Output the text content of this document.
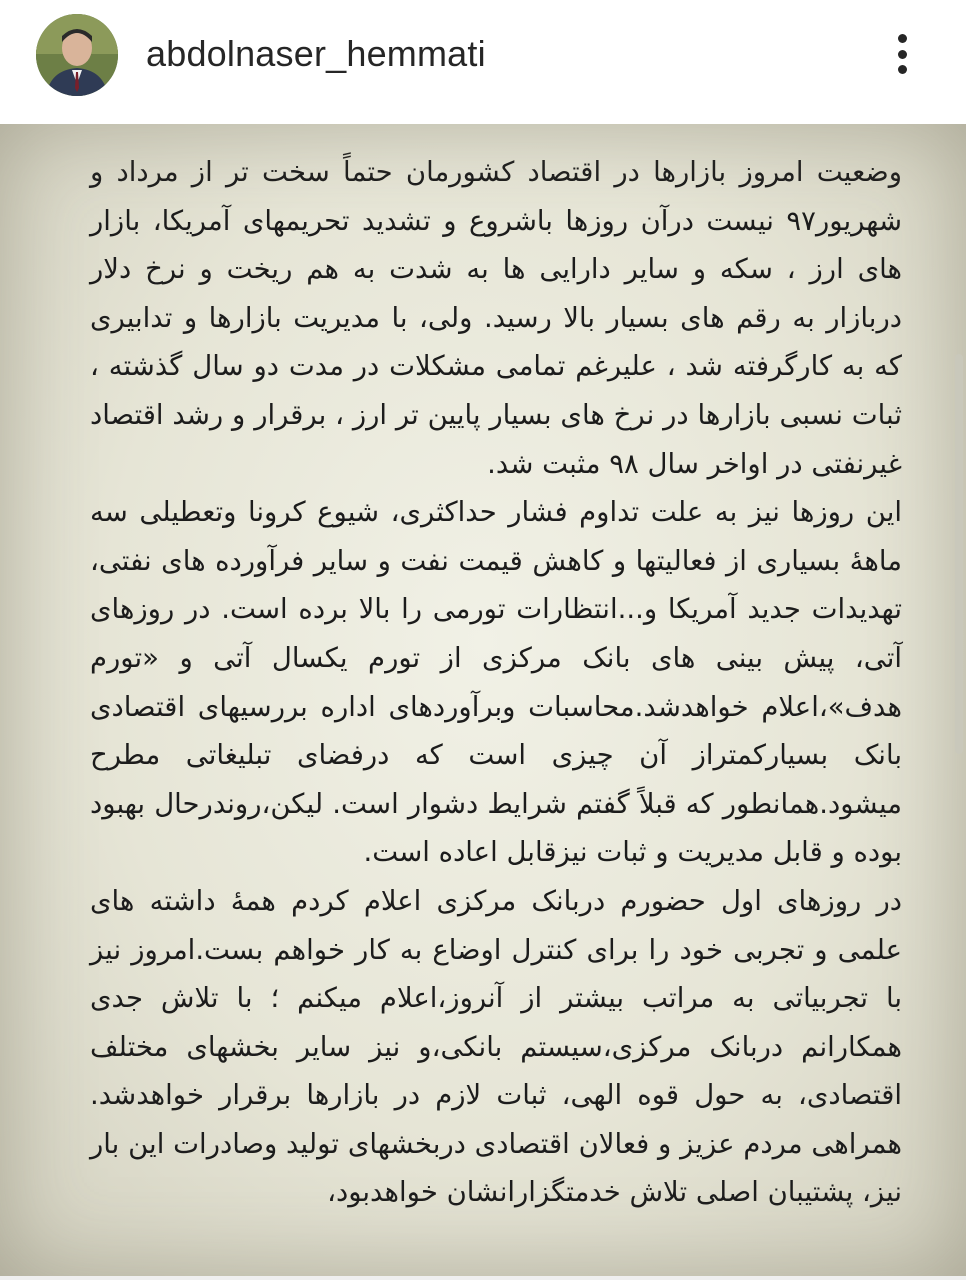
abdolnaser_hemmati

وضعیت امروز بازارها در اقتصاد کشورمان حتماً سخت تر از مرداد و شهریور۹۷ نیست درآن روزها باشروع و تشدید تحریمهای آمریکا، بازار های ارز ، سکه و سایر دارایی ها به شدت به هم ریخت و نرخ دلار دربازار به رقم های بسیار بالا رسید. ولی، با مدیریت بازارها و تدابیری که به کارگرفته شد ، علیرغم تمامی مشکلات در مدت دو سال گذشته ، ثبات نسبی بازارها در نرخ های بسیار پایین تر ارز ، برقرار و رشد اقتصاد غیرنفتی در اواخر سال ۹۸ مثبت شد.

این روزها نیز به علت تداوم فشار حداکثری، شیوع کرونا وتعطیلی سه ماهۀ بسیاری از فعالیتها و کاهش قیمت نفت و سایر فرآورده های نفتی، تهدیدات جدید آمریکا و...انتظارات تورمی را بالا برده است. در روزهای آتی، پیش بینی های بانک مرکزی از تورم یکسال آتی و «تورم هدف»،اعلام خواهدشد.محاسبات وبرآوردهای اداره بررسیهای اقتصادی بانک بسیارکمتراز آن چیزی است که درفضای تبلیغاتی مطرح میشود.همانطور که قبلاً گفتم شرایط دشوار است. لیکن،روندرحال بهبود بوده و قابل مدیریت و ثبات نیزقابل اعاده است.

در روزهای اول حضورم دربانک مرکزی اعلام کردم همۀ داشته های علمی و تجربی خود را برای کنترل اوضاع به کار خواهم بست.امروز نیز با تجربیاتی به مراتب بیشتر از آنروز،اعلام میکنم ؛ با تلاش جدی همکارانم دربانک مرکزی،سیستم بانکی،و نیز سایر بخشهای مختلف اقتصادی، به حول قوه الهی، ثبات لازم در بازارها برقرار خواهدشد. همراهی مردم عزیز و فعالان اقتصادی دربخشهای تولید وصادرات این بار نیز، پشتیبان اصلی تلاش خدمتگزارانشان خواهدبود،
